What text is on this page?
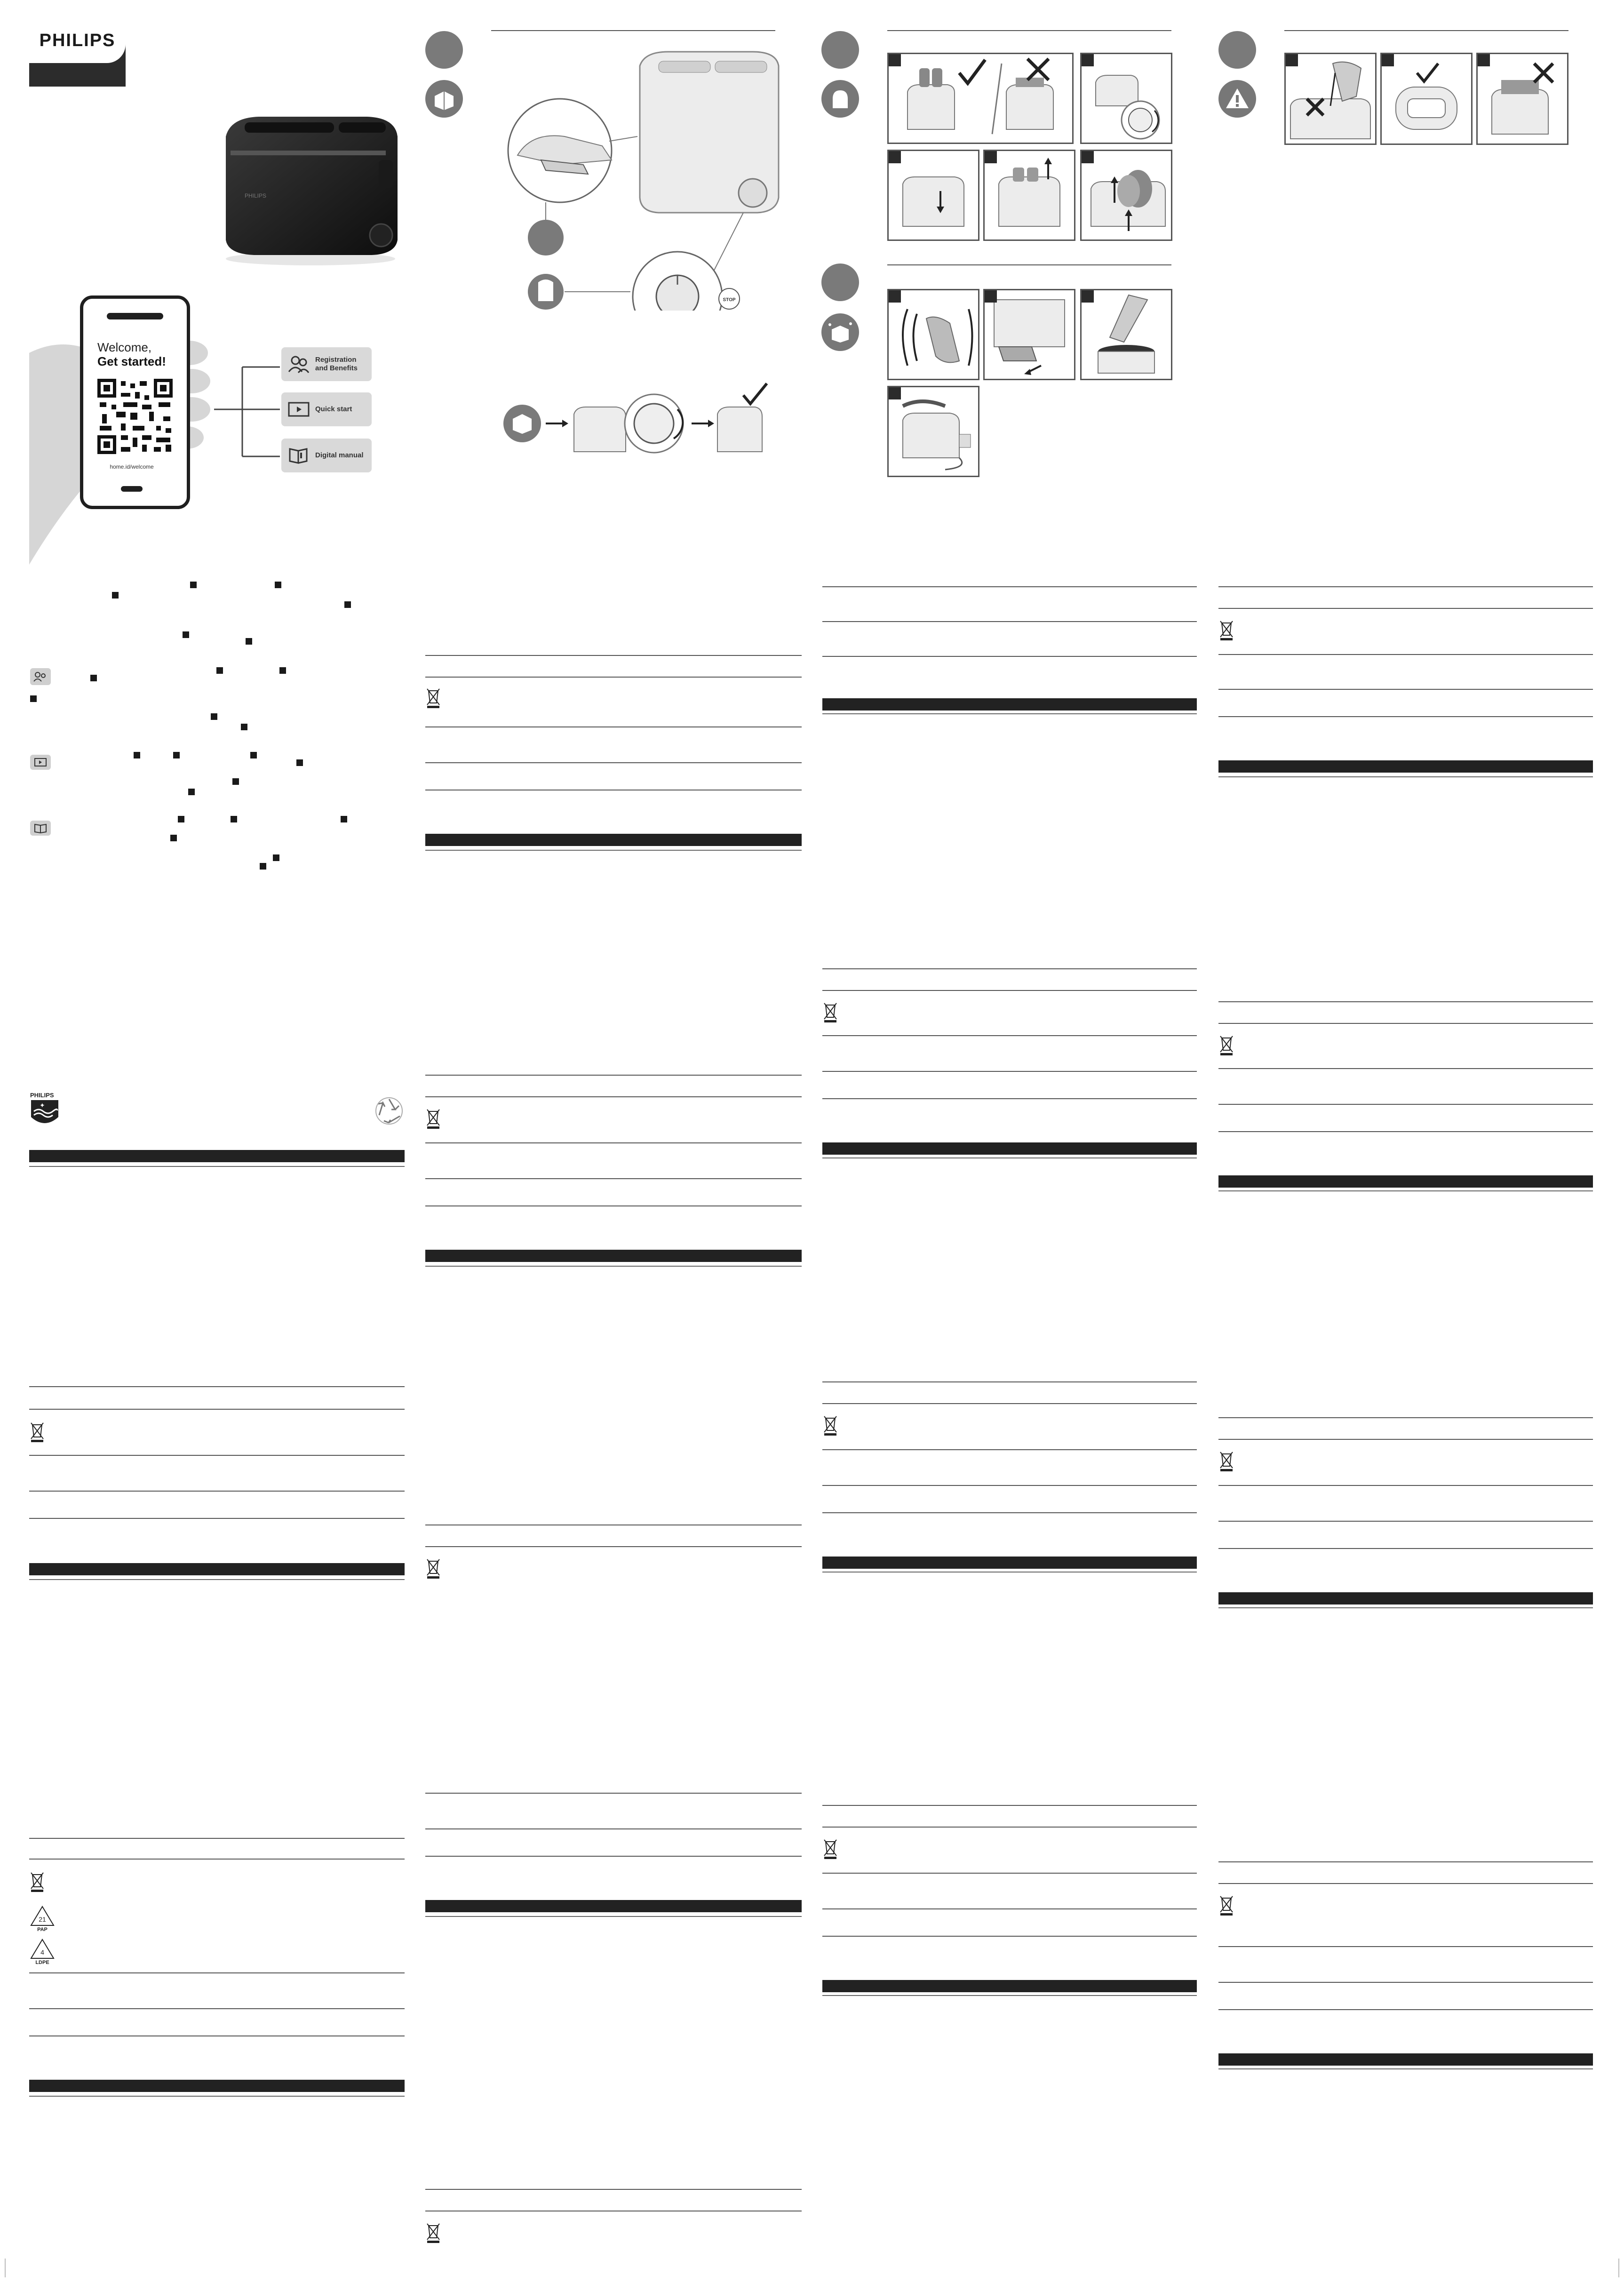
PHILIPS
PHILIPS
Welcome,
Get started!
home.id/welcome
Registration
and Benefits
Quick start
Digital manual
PHILIPS
✦
21
PAP
4
LDPE
STOP
